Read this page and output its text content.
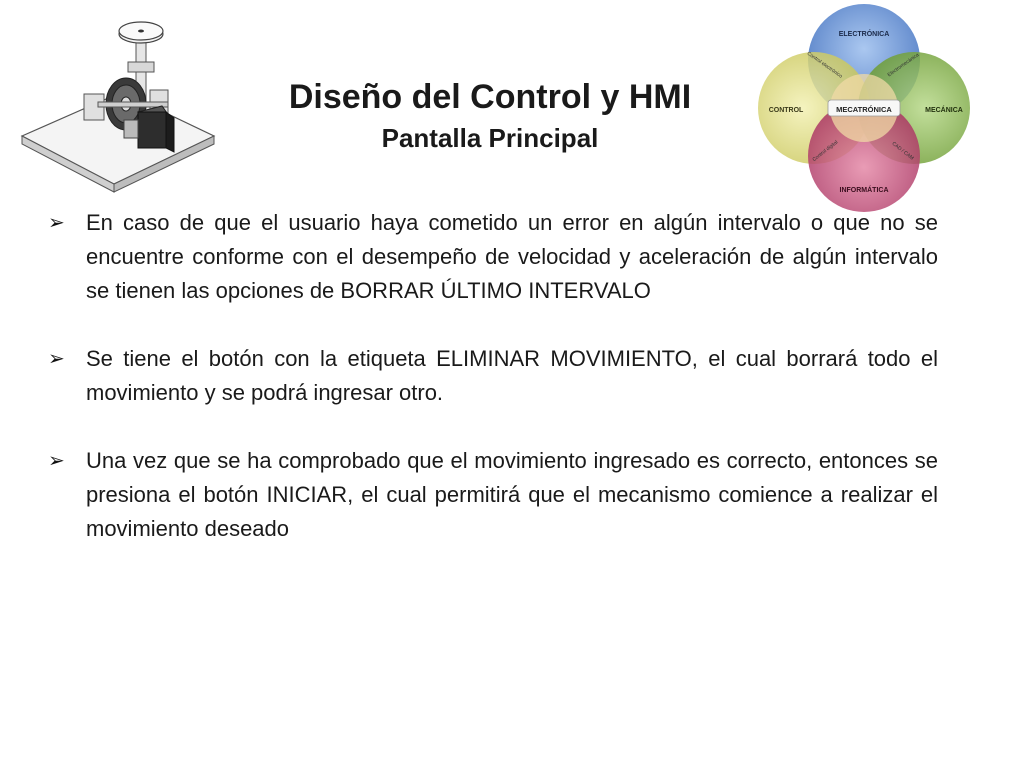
Diseño del Control y HMI
Pantalla Principal
MECATRÓNICA
ELECTRÓNICA
CONTROL	MECÁNICA
INFORMÁTICA
Control electrónico	Electromecánica
Control digital	CAD / CAM
➢ En caso de que el usuario haya cometido un error en algún intervalo o que no se encuentre conforme con el desempeño de velocidad y aceleración de algún intervalo se tienen las opciones de BORRAR ÚLTIMO INTERVALO
➢ Se tiene el botón con la etiqueta ELIMINAR MOVIMIENTO, el cual borrará todo el movimiento y se podrá ingresar otro.
➢ Una vez que se ha comprobado que el movimiento ingresado es correcto, entonces se presiona el botón INICIAR, el cual permitirá que el mecanismo comience a realizar el movimiento deseado
